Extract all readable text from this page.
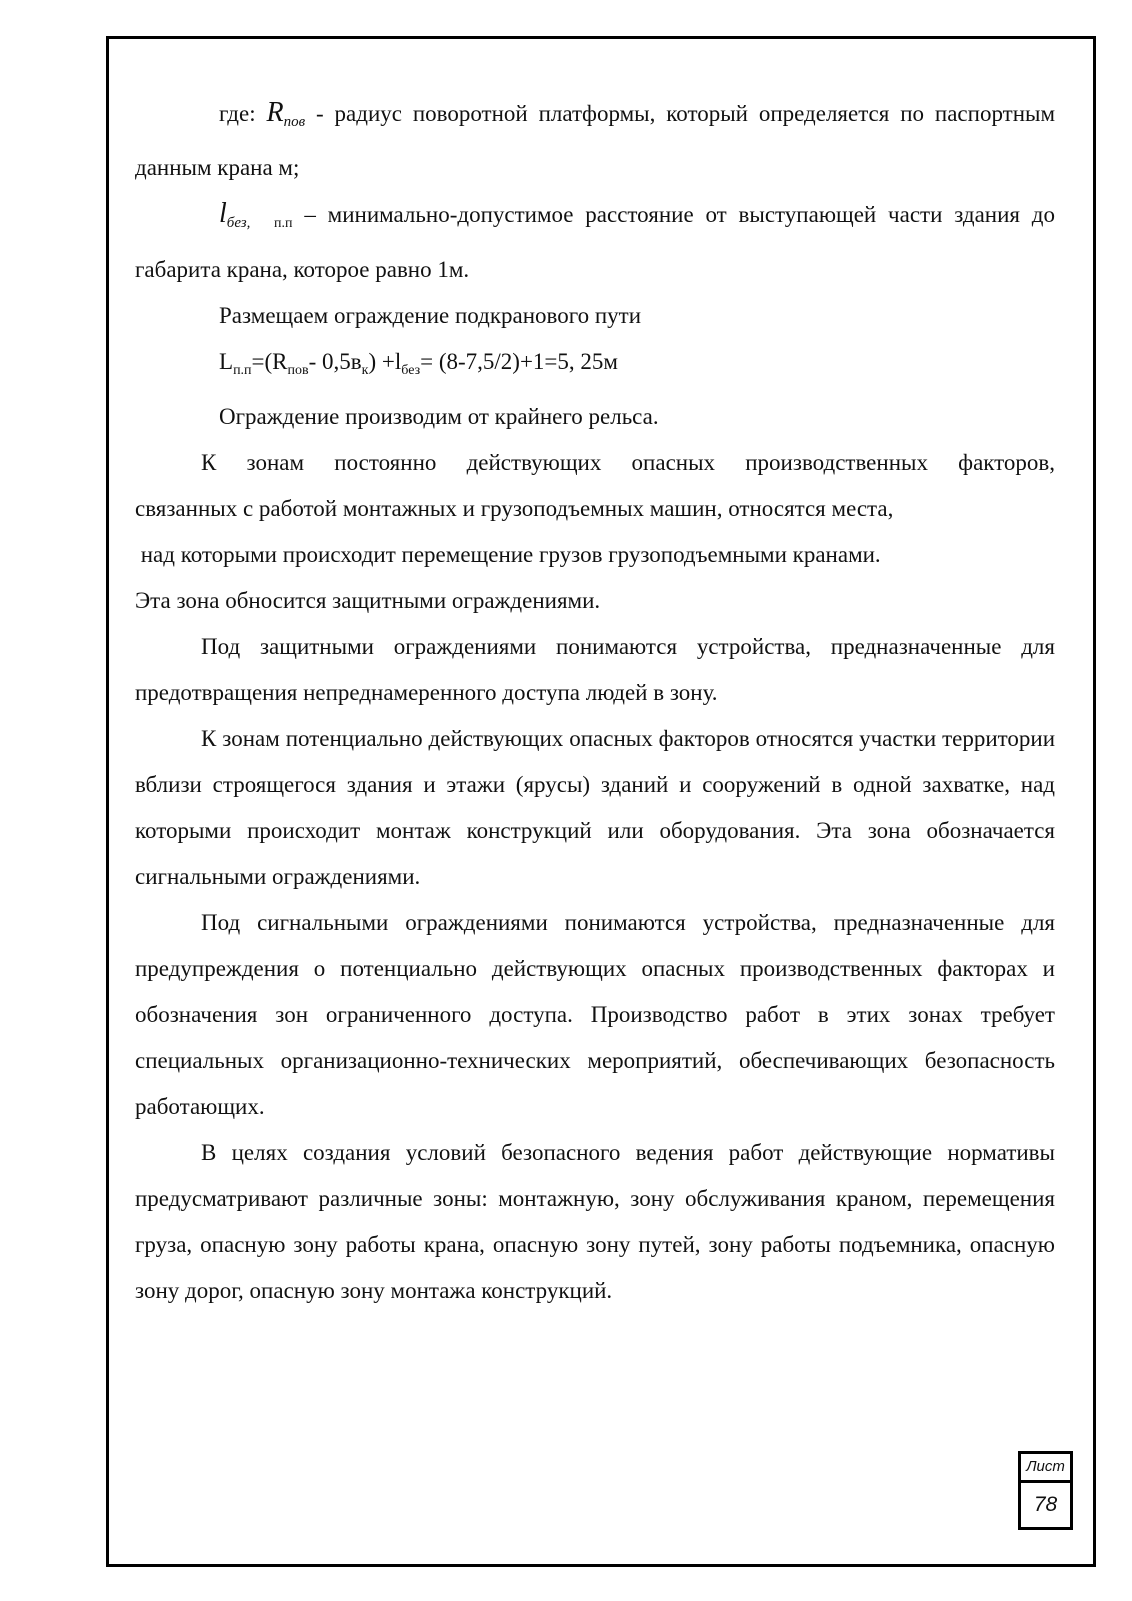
где: $R_{пов}$ - радиус поворотной платформы, который определяется по паспортным данным крана м;

$l_{без,}$ $_{п.п}$ – минимально-допустимое расстояние от выступающей части здания до габарита крана, которое равно 1м.

Размещаем ограждение подкранового пути

$L_{п.п}=(R_{пов}-$ $0,5в_к) +l_{без}= (8-7,5/2)+1=5$, 25м

Ограждение производим от крайнего рельса.

К зонам постоянно действующих опасных производственных факторов,
связанных с работой монтажных и грузоподъемных машин, относятся места,
над которыми происходит перемещение грузов грузоподъемными кранами.
Эта зона обносится защитными ограждениями.

Под защитными ограждениями понимаются устройства, предназначенные для предотвращения непреднамеренного доступа людей в зону.

К зонам потенциально действующих опасных факторов относятся участки территории вблизи строящегося здания и этажи (ярусы) зданий и сооружений в одной захватке, над которыми происходит монтаж конструкций или оборудования. Эта зона обозначается сигнальными ограждениями.

Под сигнальными ограждениями понимаются устройства, предназначенные для предупреждения о потенциально действующих опасных производственных факторах и обозначения зон ограниченного доступа. Производство работ в этих зонах требует специальных организационно-технических мероприятий, обеспечивающих безопасность работающих.

В целях создания условий безопасного ведения работ действующие нормативы предусматривают различные зоны: монтажную, зону обслуживания краном, перемещения груза, опасную зону работы крана, опасную зону путей, зону работы подъемника, опасную зону дорог, опасную зону монтажа конструкций.

Лист
78
